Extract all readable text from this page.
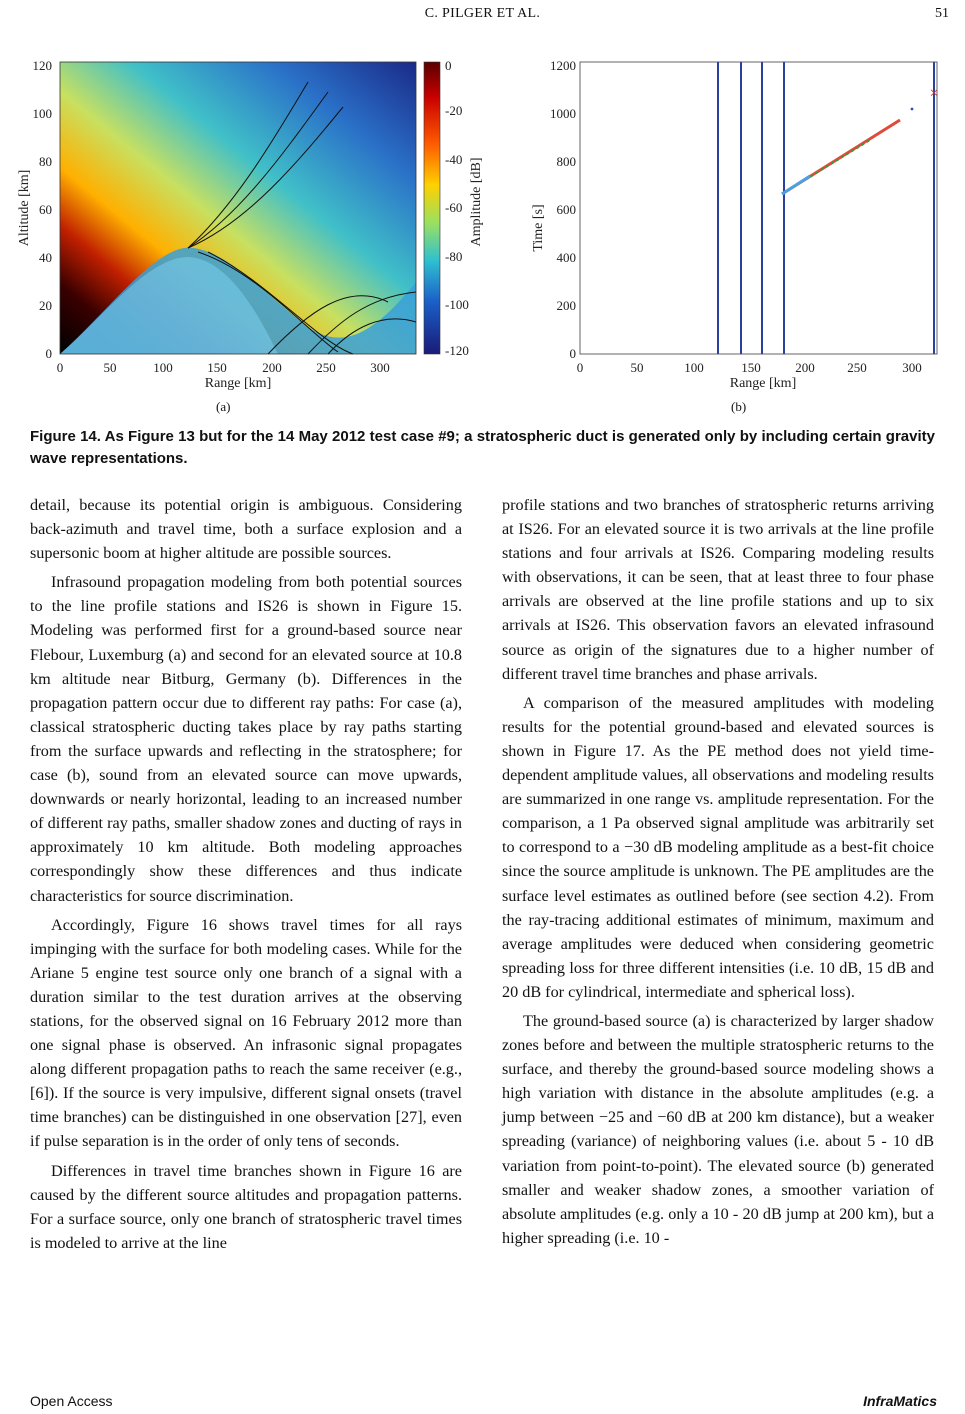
C. PILGER ET AL.	51
0
20
40
60
80
100
120
0	50	100	150	200	250	300
Range [km]
Altitude [km]
0
-20
-40
-60
-80
-100
-120
Amplitude [dB]
(a)
×
0
200
400
600
800
1000
1200
0	50	100	150	200	250	300
Range [km]
Time [s]
(b)
Figure 14. As Figure 13 but for the 14 May 2012 test case #9; a stratospheric duct is generated only by including certain gravity wave representations.

detail, because its potential origin is ambiguous. Considering back-azimuth and travel time, both a surface explosion and a supersonic boom at higher altitude are possible sources.

Infrasound propagation modeling from both potential sources to the line profile stations and IS26 is shown in Figure 15. Modeling was performed first for a ground-based source near Flebour, Luxemburg (a) and second for an elevated source at 10.8 km altitude near Bitburg, Germany (b). Differences in the propagation pattern occur due to different ray paths: For case (a), classical stratospheric ducting takes place by ray paths starting from the surface upwards and reflecting in the stratosphere; for case (b), sound from an elevated source can move upwards, downwards or nearly horizontal, leading to an increased number of different ray paths, smaller shadow zones and ducting of rays in approximately 10 km altitude. Both modeling approaches correspondingly show these differences and thus indicate characteristics for source discrimination.

Accordingly, Figure 16 shows travel times for all rays impinging with the surface for both modeling cases. While for the Ariane 5 engine test source only one branch of a signal with a duration similar to the test duration arrives at the observing stations, for the observed signal on 16 February 2012 more than one signal phase is observed. An infrasonic signal propagates along different propagation paths to reach the same receiver (e.g., [6]). If the source is very impulsive, different signal onsets (travel time branches) can be distinguished in one observation [27], even if pulse separation is in the order of only tens of seconds.

Differences in travel time branches shown in Figure 16 are caused by the different source altitudes and propagation patterns. For a surface source, only one branch of stratospheric travel times is modeled to arrive at the line

profile stations and two branches of stratospheric returns arriving at IS26. For an elevated source it is two arrivals at the line profile stations and four arrivals at IS26. Comparing modeling results with observations, it can be seen, that at least three to four phase arrivals are observed at the line profile stations and up to six arrivals at IS26. This observation favors an elevated infrasound source as origin of the signatures due to a higher number of different travel time branches and phase arrivals.

A comparison of the measured amplitudes with modeling results for the potential ground-based and elevated sources is shown in Figure 17. As the PE method does not yield time-dependent amplitude values, all observations and modeling results are summarized in one range vs. amplitude representation. For the comparison, a 1 Pa observed signal amplitude was arbitrarily set to correspond to a −30 dB modeling amplitude as a best-fit choice since the source amplitude is unknown. The PE amplitudes are the surface level estimates as outlined before (see section 4.2). From the ray-tracing additional estimates of minimum, maximum and average amplitudes were deduced when considering geometric spreading loss for three different intensities (i.e. 10 dB, 15 dB and 20 dB for cylindrical, intermediate and spherical loss).

The ground-based source (a) is characterized by larger shadow zones before and between the multiple stratospheric returns to the surface, and thereby the ground-based source modeling shows a high variation with distance in the absolute amplitudes (e.g. a jump between −25 and −60 dB at 200 km distance), but a weaker spreading (variance) of neighboring values (i.e. about 5 - 10 dB variation from point-to-point). The elevated source (b) generated smaller and weaker shadow zones, a smoother variation of absolute amplitudes (e.g. only a 10 - 20 dB jump at 200 km), but a higher spreading (i.e. 10 -

Open Access	InfraMatics
